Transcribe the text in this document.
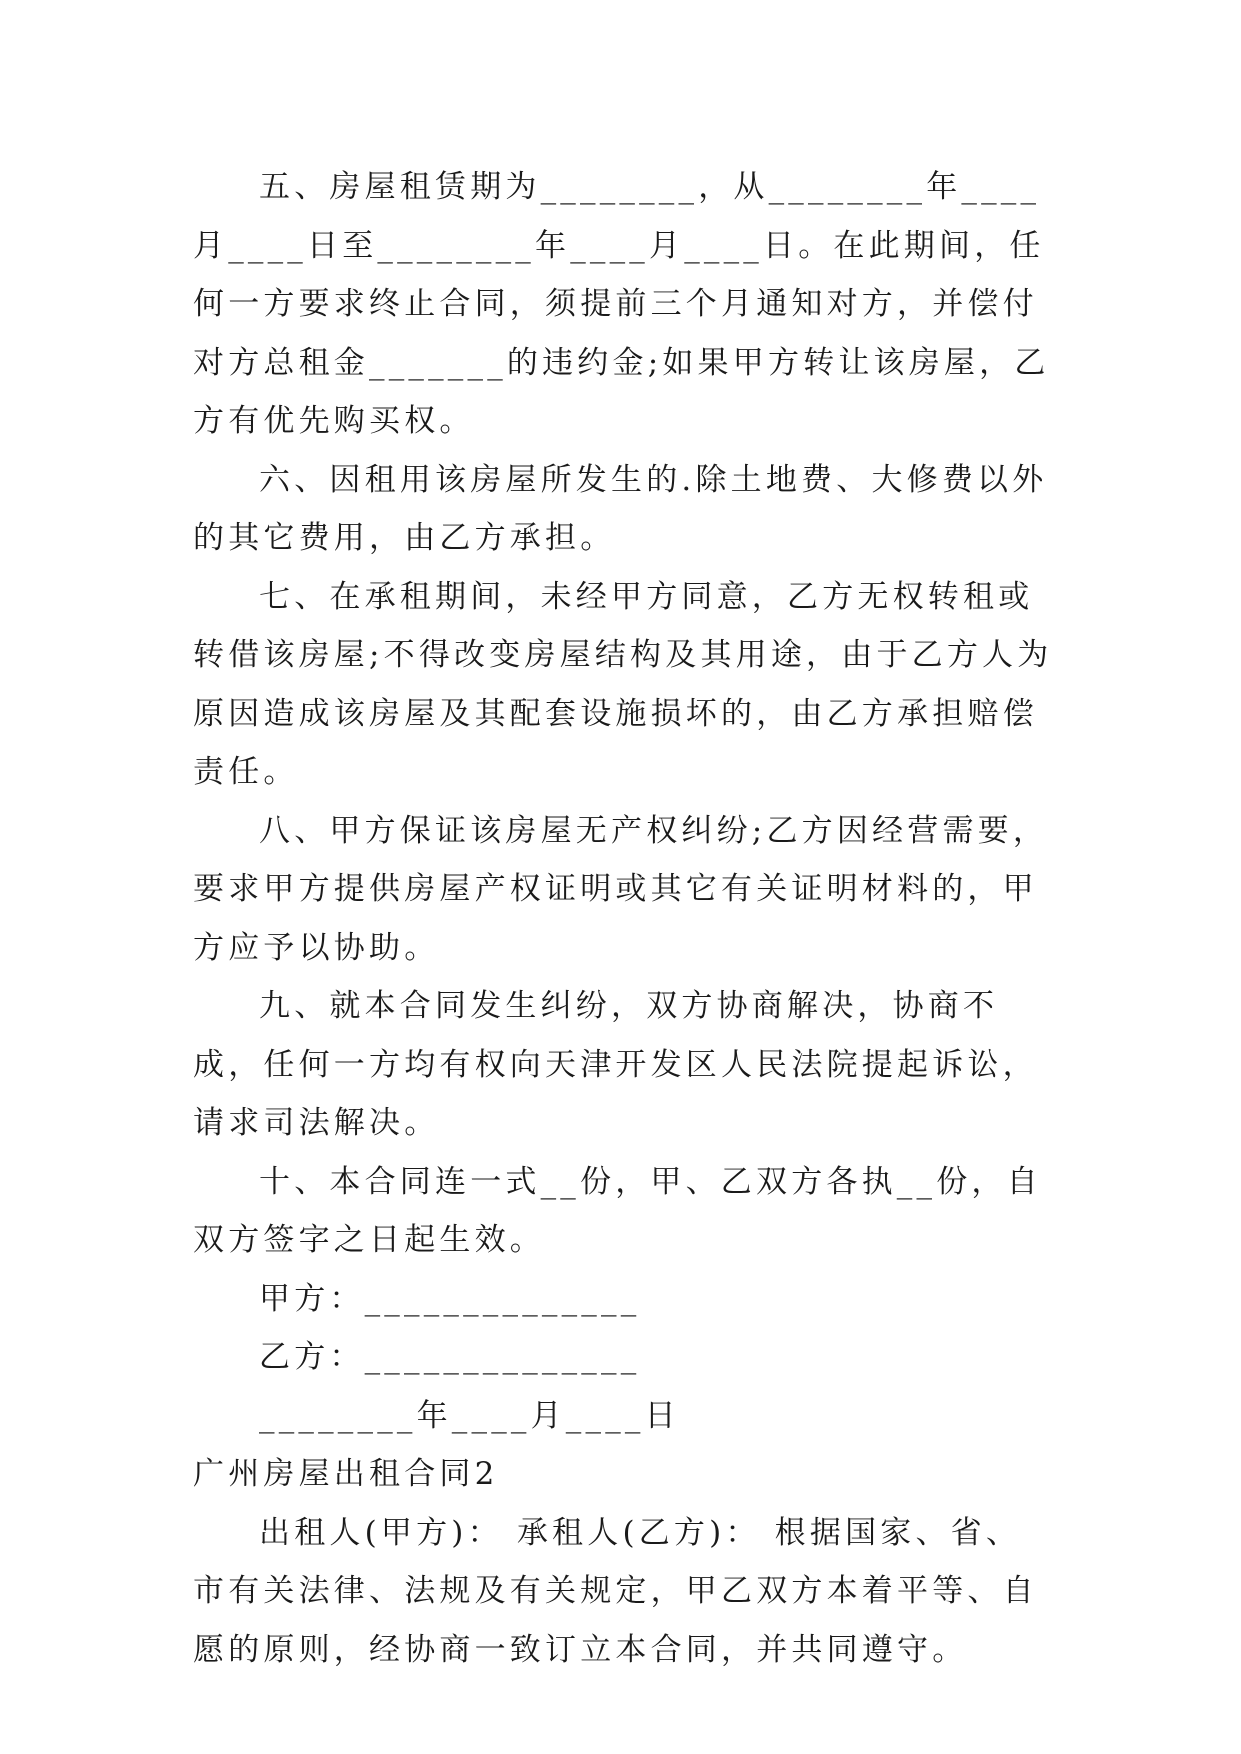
五、房屋租赁期为________，从________年____月____日至________年____月____日。在此期间，任何一方要求终止合同，须提前三个月通知对方，并偿付对方总租金_______的违约金;如果甲方转让该房屋，乙方有优先购买权。

六、因租用该房屋所发生的.除土地费、大修费以外的其它费用，由乙方承担。

七、在承租期间，未经甲方同意，乙方无权转租或转借该房屋;不得改变房屋结构及其用途，由于乙方人为原因造成该房屋及其配套设施损坏的，由乙方承担赔偿责任。

八、甲方保证该房屋无产权纠纷;乙方因经营需要，要求甲方提供房屋产权证明或其它有关证明材料的，甲方应予以协助。

九、就本合同发生纠纷，双方协商解决，协商不成，任何一方均有权向天津开发区人民法院提起诉讼，请求司法解决。

十、本合同连一式__份，甲、乙双方各执__份，自双方签字之日起生效。

甲方：______________

乙方：______________

________年____月____日

广州房屋出租合同2

出租人(甲方)： 承租人(乙方)： 根据国家、省、市有关法律、法规及有关规定，甲乙双方本着平等、自愿的原则，经协商一致订立本合同，并共同遵守。
